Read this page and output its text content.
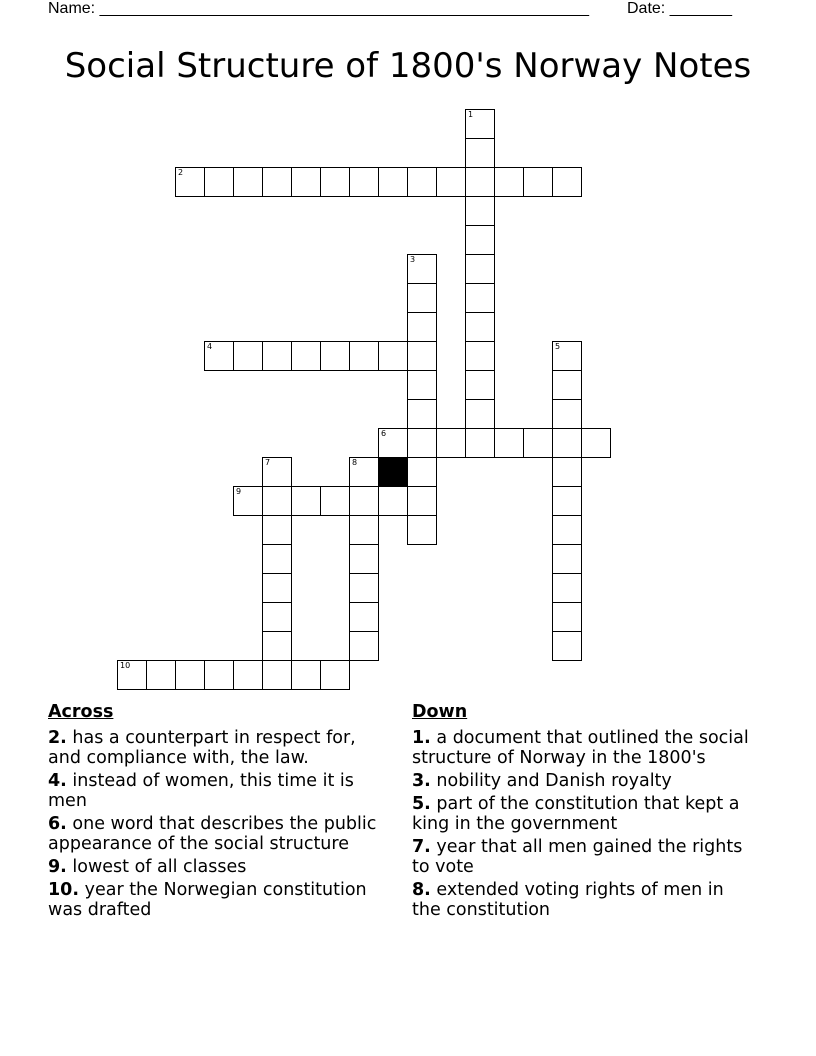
Name: _______________________________________________________ Date: _______
Social Structure of 1800's Norway Notes
2
4
6
9
10
1
3
5
7	8
Across
2. has a counterpart in respect for, and compliance with, the law.
4. instead of women, this time it is men
6. one word that describes the public appearance of the social structure
9. lowest of all classes
10. year the Norwegian constitution was drafted
Down
1. a document that outlined the social structure of Norway in the 1800's
3. nobility and Danish royalty
5. part of the constitution that kept a king in the government
7. year that all men gained the rights to vote
8. extended voting rights of men in the constitution
